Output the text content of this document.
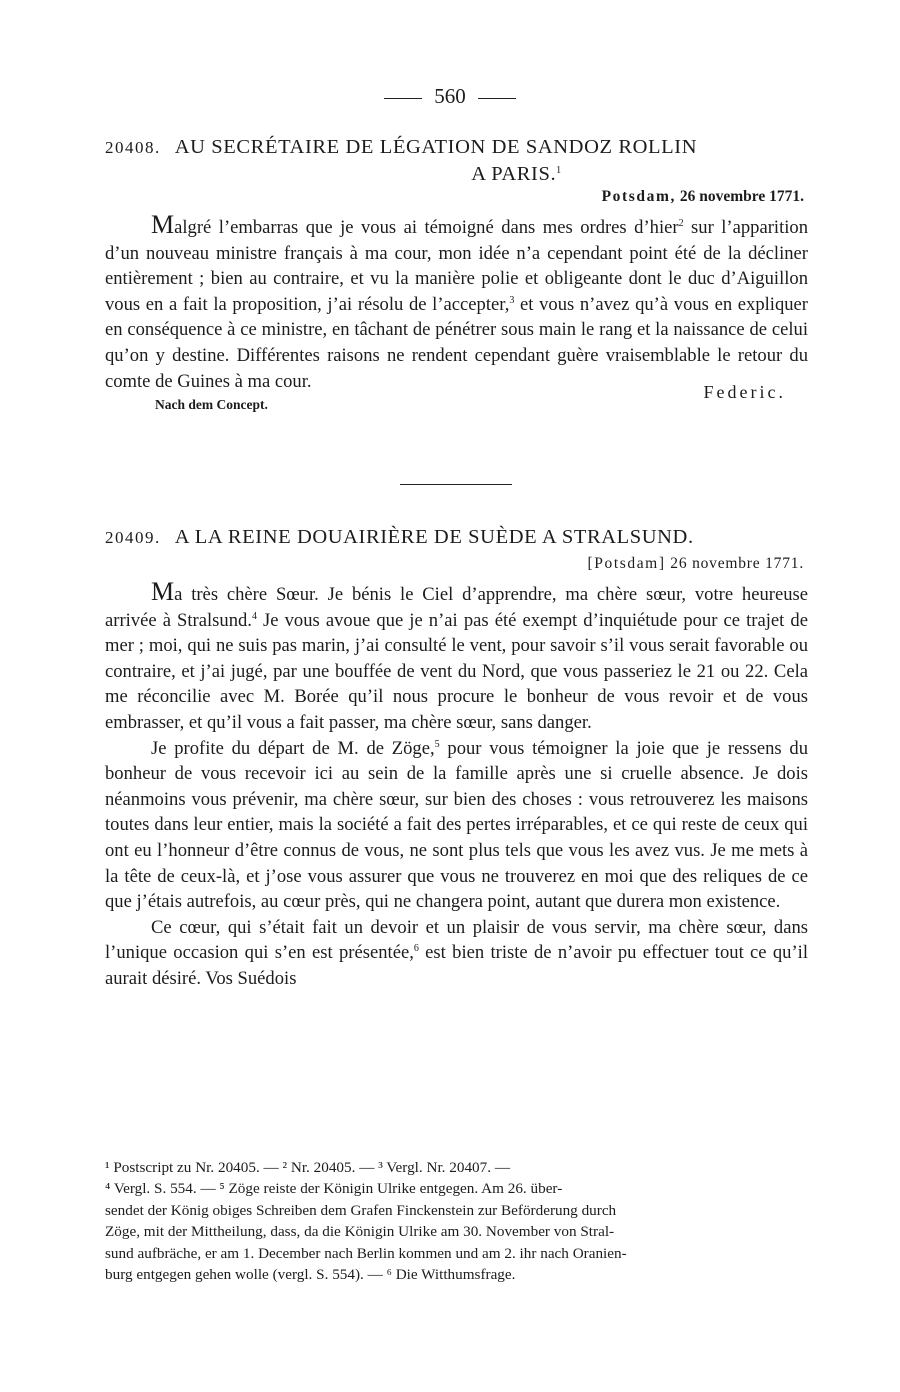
560
20408. AU SECRÉTAIRE DE LÉGATION DE SANDOZ ROLLIN
A PARIS.$^1$
Potsdam, 26 novembre 1771.

Malgré l’embarras que je vous ai témoigné dans mes ordres d’hier$^2$ sur l’apparition d’un nouveau ministre français à ma cour, mon idée n’a cependant point été de la décliner entièrement ; bien au contraire, et vu la manière polie et obligeante dont le duc d’Aiguillon vous en a fait la proposition, j’ai résolu de l’accepter,$^3$ et vous n’avez qu’à vous en expliquer en conséquence à ce ministre, en tâchant de pénétrer sous main le rang et la naissance de celui qu’on y destine. Différentes raisons ne rendent cependant guère vraisemblable le retour du comte de Guines à ma cour.

Federic.
Nach dem Concept.
20409. A LA REINE DOUAIRIÈRE DE SUÈDE A STRALSUND.
[Potsdam] 26 novembre 1771.

Ma très chère Sœur. Je bénis le Ciel d’apprendre, ma chère sœur, votre heureuse arrivée à Stralsund.$^4$ Je vous avoue que je n’ai pas été exempt d’inquiétude pour ce trajet de mer ; moi, qui ne suis pas marin, j’ai consulté le vent, pour savoir s’il vous serait favorable ou contraire, et j’ai jugé, par une bouffée de vent du Nord, que vous passeriez le 21 ou 22. Cela me réconcilie avec M. Borée qu’il nous procure le bonheur de vous revoir et de vous embrasser, et qu’il vous a fait passer, ma chère sœur, sans danger.

Je profite du départ de M. de Zöge,$^5$ pour vous témoigner la joie que je ressens du bonheur de vous recevoir ici au sein de la famille après une si cruelle absence. Je dois néanmoins vous prévenir, ma chère sœur, sur bien des choses : vous retrouverez les maisons toutes dans leur entier, mais la société a fait des pertes irréparables, et ce qui reste de ceux qui ont eu l’honneur d’être connus de vous, ne sont plus tels que vous les avez vus. Je me mets à la tête de ceux-là, et j’ose vous assurer que vous ne trouverez en moi que des reliques de ce que j’étais autrefois, au cœur près, qui ne changera point, autant que durera mon existence.

Ce cœur, qui s’était fait un devoir et un plaisir de vous servir, ma chère sœur, dans l’unique occasion qui s’en est présentée,$^6$ est bien triste de n’avoir pu effectuer tout ce qu’il aurait désiré. Vos Suédois

¹ Postscript zu Nr. 20405. — ² Nr. 20405. — ³ Vergl. Nr. 20407. —
⁴ Vergl. S. 554. — ⁵ Zöge reiste der Königin Ulrike entgegen. Am 26. über-
sendet der König obiges Schreiben dem Grafen Finckenstein zur Beförderung durch
Zöge, mit der Mittheilung, dass, da die Königin Ulrike am 30. November von Stral-
sund aufbräche, er am 1. December nach Berlin kommen und am 2. ihr nach Oranien-
burg entgegen gehen wolle (vergl. S. 554). — ⁶ Die Witthumsfrage.
